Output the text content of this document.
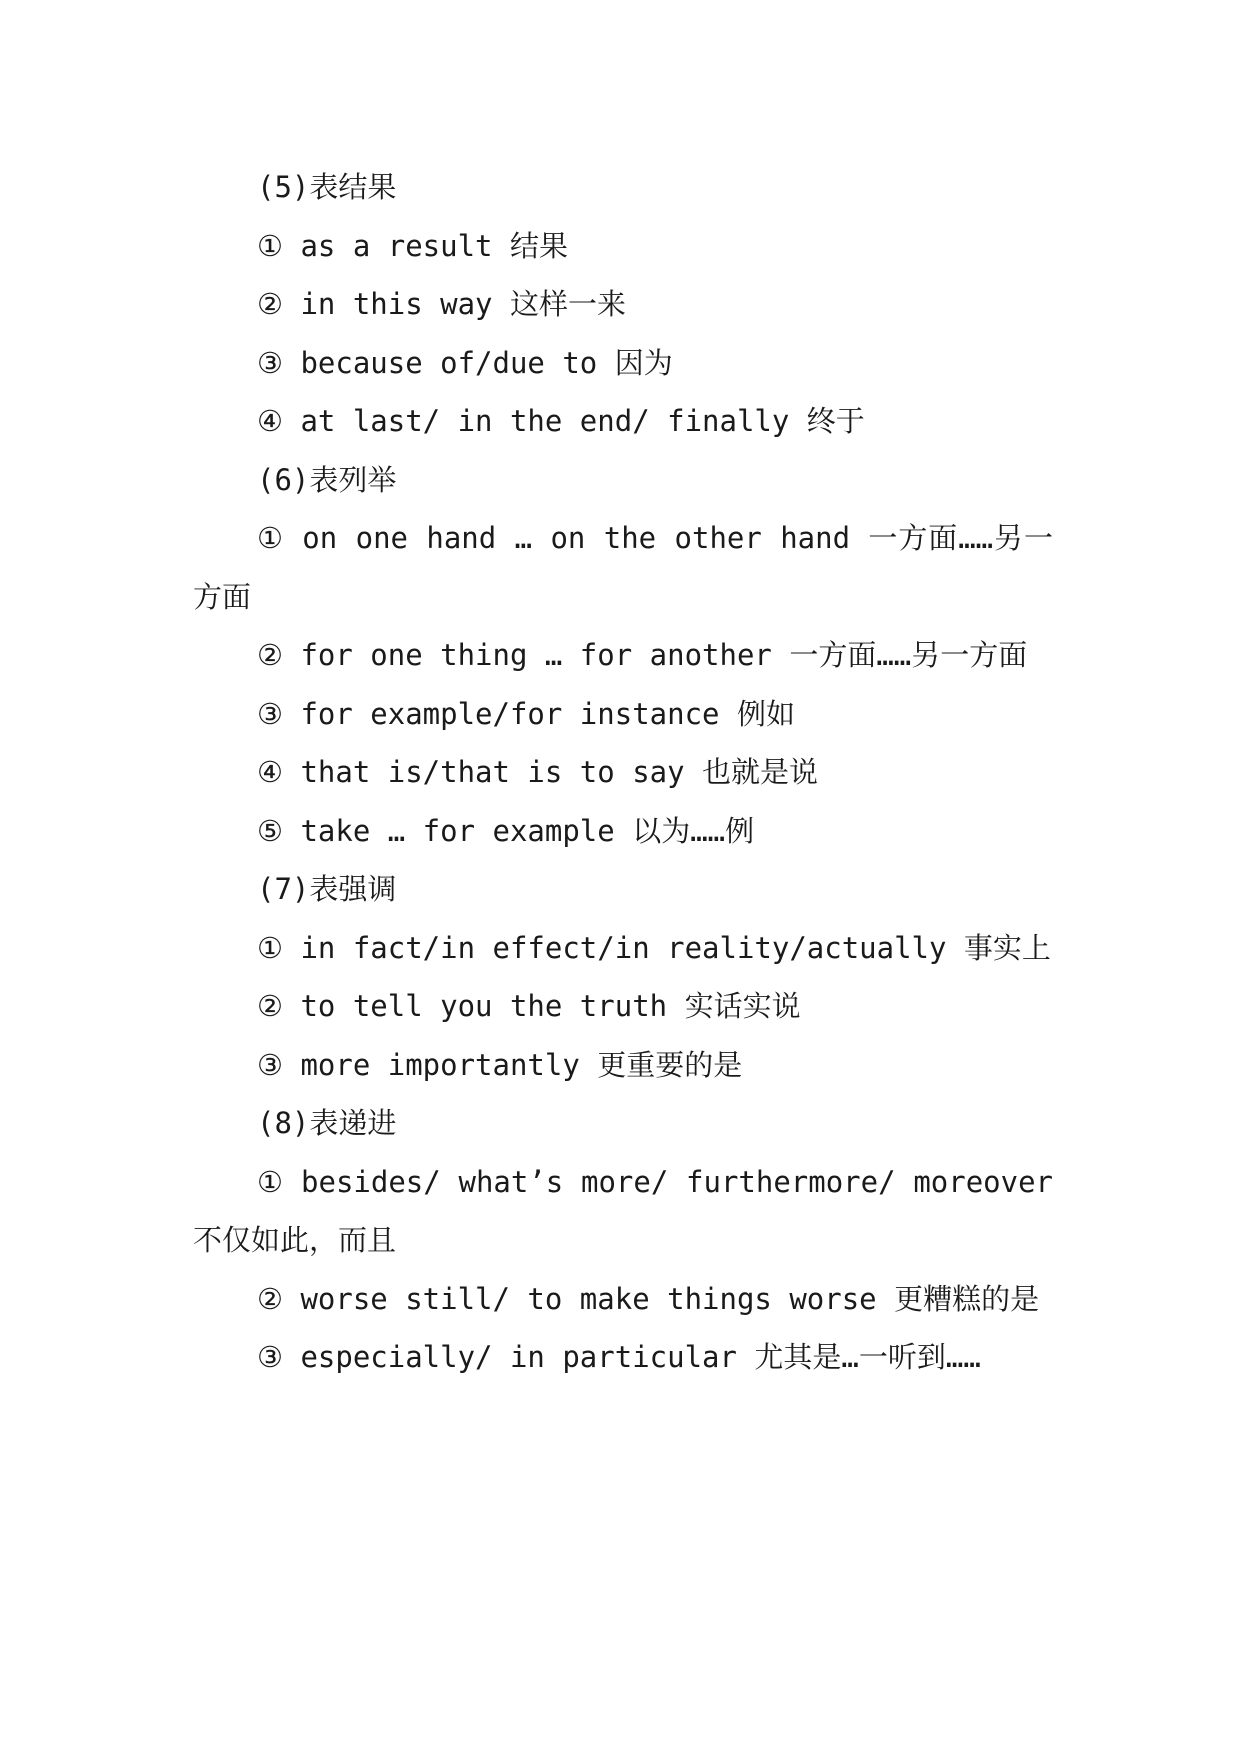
(5)表结果

① as a result 结果

② in this way 这样一来

③ because of/due to 因为

④ at last/ in the end/ finally 终于

(6)表列举

① on one hand … on the other hand 一方面……另一方面

② for one thing … for another 一方面……另一方面

③ for example/for instance 例如

④ that is/that is to say 也就是说

⑤ take … for example 以为……例

(7)表强调

① in fact/in effect/in reality/actually 事实上

② to tell you the truth 实话实说

③ more importantly 更重要的是

(8)表递进

① besides/ what’s more/ furthermore/ moreover 不仅如此，而且

② worse still/ to make things worse 更糟糕的是

③ especially/ in particular 尤其是…一听到……
